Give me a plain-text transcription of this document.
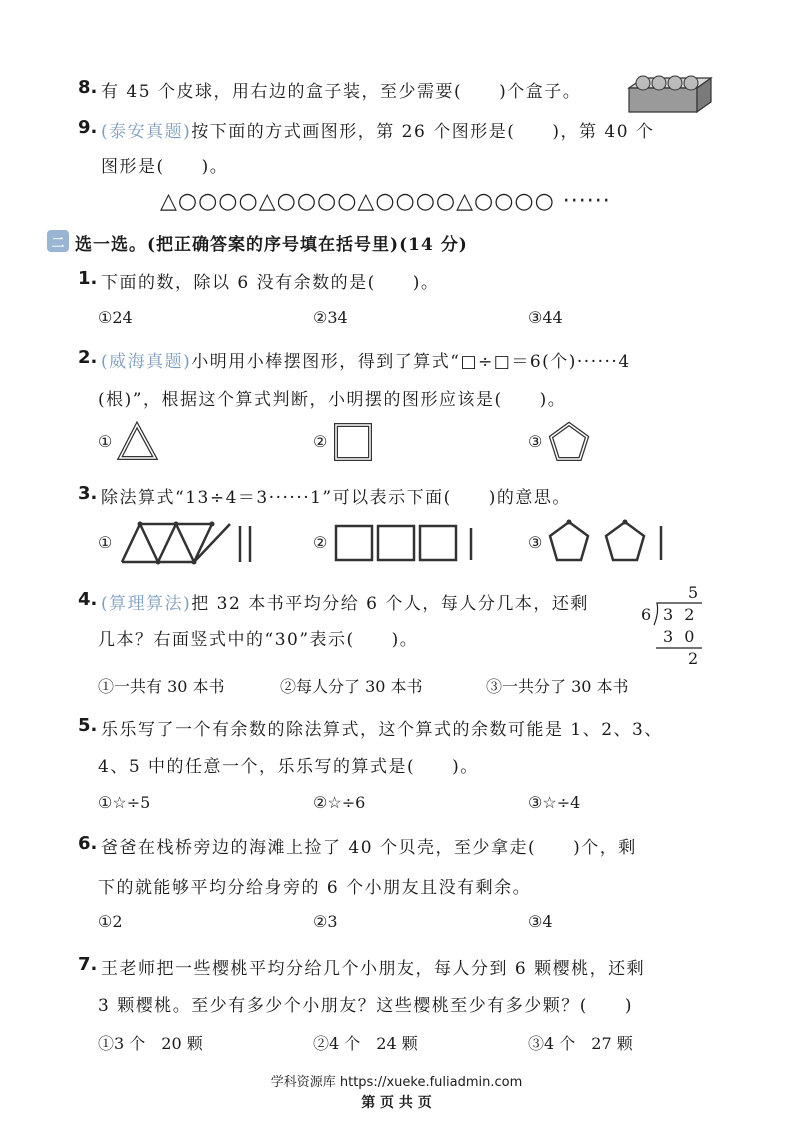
8. 有 45 个皮球，用右边的盒子装，至少需要(　　)个盒子。
9. (泰安真题)按下面的方式画图形，第 26 个图形是(　　)，第 40 个
图形是(　　)。
△○○○○△○○○○△○○○○△○○○○ ······
二 选一选。(把正确答案的序号填在括号里)(14 分)
1. 下面的数，除以 6 没有余数的是(　　)。
①24	②34	③44
2. (威海真题)小明用小棒摆图形，得到了算式“□÷□＝6(个)······4
(根)”，根据这个算式判断，小明摆的图形应该是(　　)。
①	②	③
3. 除法算式“13÷4＝3······1”可以表示下面(　　)的意思。
①	②	③
4. (算理算法)把 32 本书平均分给 6 个人，每人分几本，还剩
几本？右面竖式中的“30”表示(　　)。
5
6 3 2
3 0
2
①一共有 30 本书	②每人分了 30 本书	③一共分了 30 本书
5. 乐乐写了一个有余数的除法算式，这个算式的余数可能是 1、2、3、
4、5 中的任意一个，乐乐写的算式是(　　)。
①☆÷5	②☆÷6	③☆÷4
6. 爸爸在栈桥旁边的海滩上捡了 40 个贝壳，至少拿走(　　)个，剩
下的就能够平均分给身旁的 6 个小朋友且没有剩余。
①2	②3	③4
7. 王老师把一些樱桃平均分给几个小朋友，每人分到 6 颗樱桃，还剩
3 颗樱桃。至少有多少个小朋友？这些樱桃至少有多少颗？(　　)
①3 个　20 颗	②4 个　24 颗	③4 个　27 颗
学科资源库 https://xueke.fuliadmin.com
第 页 共 页
